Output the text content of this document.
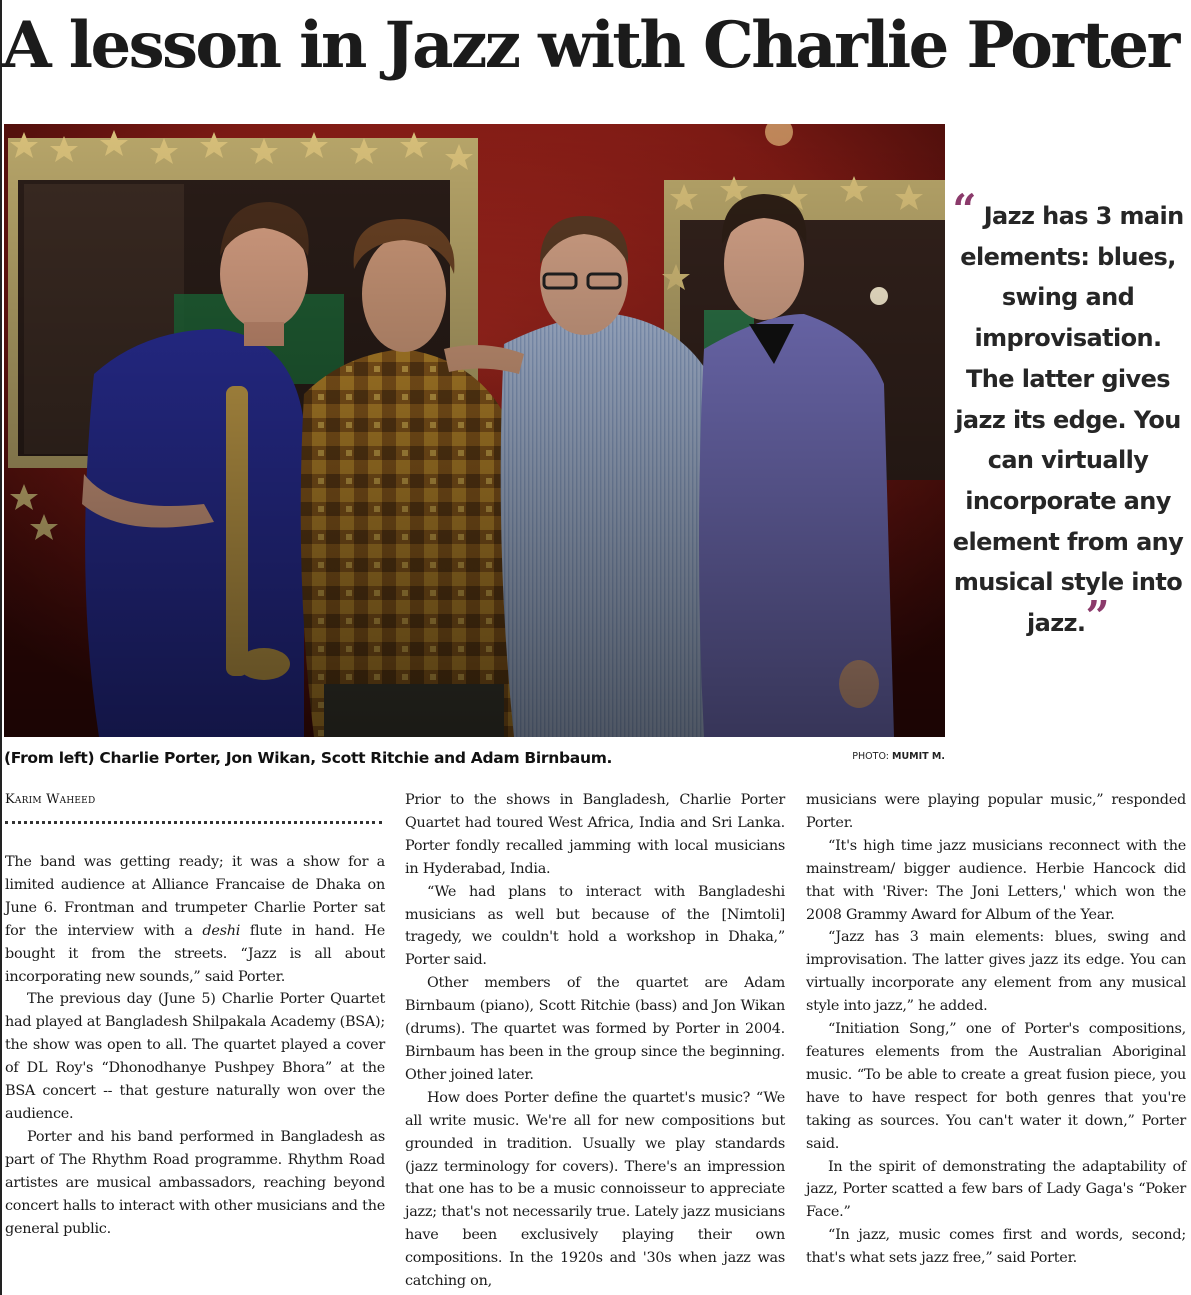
A lesson in Jazz with Charlie Porter

(From left) Charlie Porter, Jon Wikan, Scott Ritchie and Adam Birnbaum.	PHOTO: MUMIT M.

“ Jazz has 3 main elements: blues, swing and improvisation. The latter gives jazz its edge. You can virtually incorporate any element from any musical style into jazz.”

Karim Waheed

The band was getting ready; it was a show for a limited audience at Alliance Francaise de Dhaka on June 6. Frontman and trumpeter Charlie Porter sat for the interview with a deshi flute in hand. He bought it from the streets. “Jazz is all about incorporating new sounds,” said Porter.

The previous day (June 5) Charlie Porter Quartet had played at Bangladesh Shilpakala Academy (BSA); the show was open to all. The quartet played a cover of DL Roy's “Dhonodhanye Pushpey Bhora” at the BSA concert -- that gesture naturally won over the audience.

Porter and his band performed in Bangladesh as part of The Rhythm Road programme. Rhythm Road artistes are musical ambassadors, reaching beyond concert halls to interact with other musicians and the general public.

Prior to the shows in Bangladesh, Charlie Porter Quartet had toured West Africa, India and Sri Lanka. Porter fondly recalled jamming with local musicians in Hyderabad, India.

“We had plans to interact with Bangladeshi musicians as well but because of the [Nimtoli] tragedy, we couldn't hold a workshop in Dhaka,” Porter said.

Other members of the quartet are Adam Birnbaum (piano), Scott Ritchie (bass) and Jon Wikan (drums). The quartet was formed by Porter in 2004. Birnbaum has been in the group since the beginning. Other joined later.

How does Porter define the quartet's music? “We all write music. We're all for new compositions but grounded in tradition. Usually we play standards (jazz terminology for covers). There's an impression that one has to be a music connoisseur to appreciate jazz; that's not necessarily true. Lately jazz musicians have been exclusively playing their own compositions. In the 1920s and '30s when jazz was catching on,

musicians were playing popular music,” responded Porter.

“It's high time jazz musicians reconnect with the mainstream/ bigger audience. Herbie Hancock did that with 'River: The Joni Letters,' which won the 2008 Grammy Award for Album of the Year.

“Jazz has 3 main elements: blues, swing and improvisation. The latter gives jazz its edge. You can virtually incorporate any element from any musical style into jazz,” he added.

“Initiation Song,” one of Porter's compositions, features elements from the Australian Aboriginal music. “To be able to create a great fusion piece, you have to have respect for both genres that you're taking as sources. You can't water it down,” Porter said.

In the spirit of demonstrating the adaptability of jazz, Porter scatted a few bars of Lady Gaga's “Poker Face.”

“In jazz, music comes first and words, second; that's what sets jazz free,” said Porter.
